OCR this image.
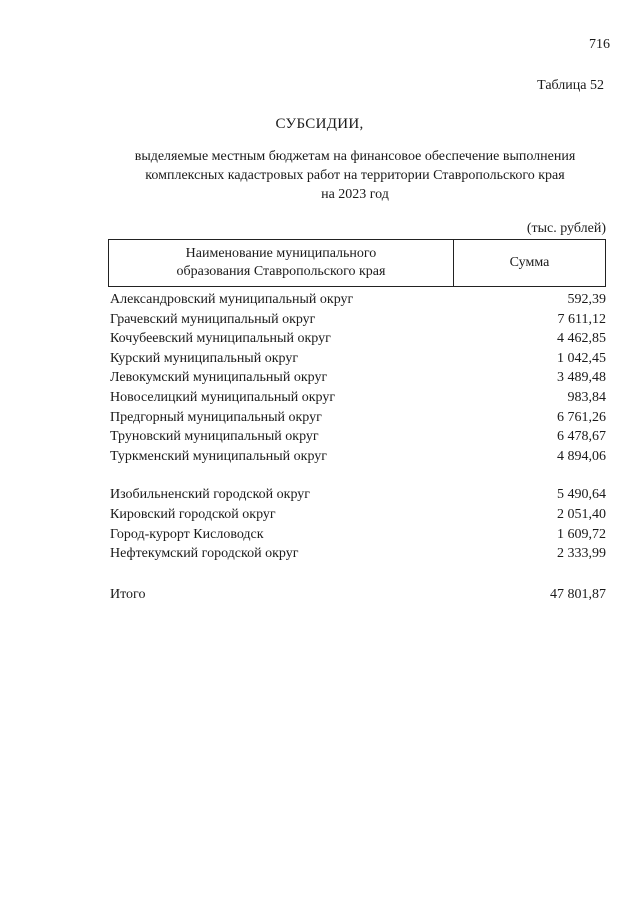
716
Таблица 52
СУБСИДИИ,
выделяемые местным бюджетам на финансовое обеспечение выполнения
комплексных кадастровых работ на территории Ставропольского края
на 2023 год
(тыс. рублей)
Наименование муниципального
образования Ставропольского края
Сумма
Александровский муниципальный округ	592,39
Грачевский муниципальный округ	7 611,12
Кочубеевский муниципальный округ	4 462,85
Курский муниципальный округ	1 042,45
Левокумский муниципальный округ	3 489,48
Новоселицкий муниципальный округ	983,84
Предгорный муниципальный округ	6 761,26
Труновский муниципальный округ	6 478,67
Туркменский муниципальный округ	4 894,06
Изобильненский городской округ	5 490,64
Кировский городской округ	2 051,40
Город-курорт Кисловодск	1 609,72
Нефтекумский городской округ	2 333,99
Итого	47 801,87
